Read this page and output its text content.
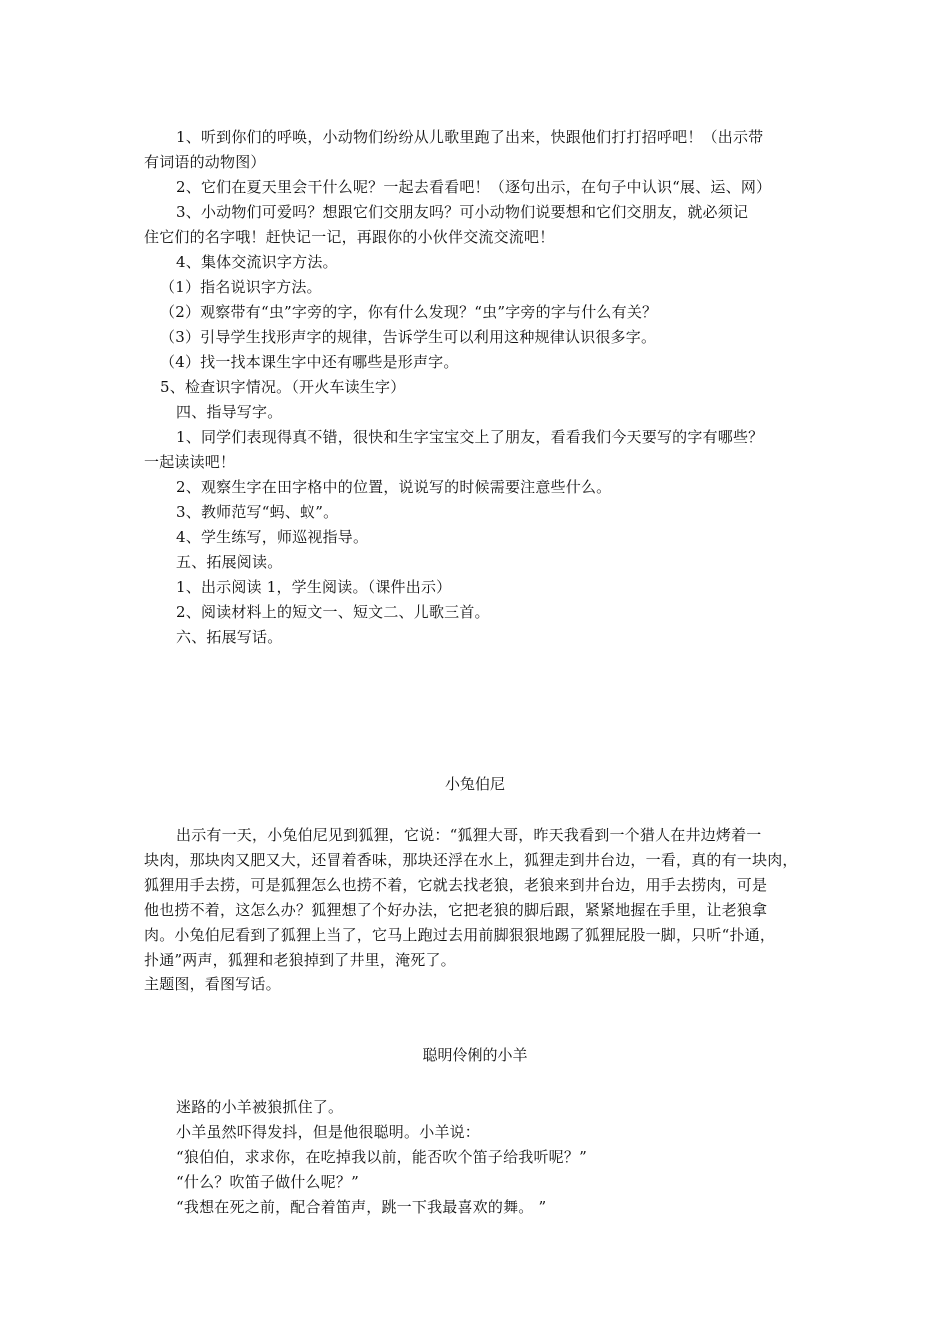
1、听到你们的呼唤，小动物们纷纷从儿歌里跑了出来，快跟他们打打招呼吧！（出示带
有词语的动物图）
2、它们在夏天里会干什么呢？一起去看看吧！（逐句出示，在句子中认识“展、运、网）
3、小动物们可爱吗？想跟它们交朋友吗？可小动物们说要想和它们交朋友，就必须记
住它们的名字哦！赶快记一记，再跟你的小伙伴交流交流吧！
4、集体交流识字方法。
（1）指名说识字方法。
（2）观察带有“虫”字旁的字，你有什么发现？“虫”字旁的字与什么有关？
（3）引导学生找形声字的规律，告诉学生可以利用这种规律认识很多字。
（4）找一找本课生字中还有哪些是形声字。
5、检查识字情况。（开火车读生字）
四、指导写字。
1、同学们表现得真不错，很快和生字宝宝交上了朋友，看看我们今天要写的字有哪些？
一起读读吧！
2、观察生字在田字格中的位置，说说写的时候需要注意些什么。
3、教师范写“蚂、蚁”。
4、学生练写，师巡视指导。
五、拓展阅读。
1、出示阅读 1，学生阅读。（课件出示）
2、阅读材料上的短文一、短文二、儿歌三首。
六、拓展写话。
小兔伯尼
出示有一天，小兔伯尼见到狐狸，它说：“狐狸大哥，昨天我看到一个猎人在井边烤着一
块肉，那块肉又肥又大，还冒着香味，那块还浮在水上，狐狸走到井台边，一看，真的有一块肉，
狐狸用手去捞，可是狐狸怎么也捞不着，它就去找老狼，老狼来到井台边，用手去捞肉，可是
他也捞不着，这怎么办？狐狸想了个好办法，它把老狼的脚后跟，紧紧地握在手里，让老狼拿
肉。小兔伯尼看到了狐狸上当了，它马上跑过去用前脚狠狠地踢了狐狸屁股一脚，只听“扑通，
扑通”两声，狐狸和老狼掉到了井里，淹死了。
主题图，看图写话。
聪明伶俐的小羊
迷路的小羊被狼抓住了。
小羊虽然吓得发抖，但是他很聪明。小羊说：
“狼伯伯，求求你，在吃掉我以前，能否吹个笛子给我听呢？”
“什么？吹笛子做什么呢？”
“我想在死之前，配合着笛声，跳一下我最喜欢的舞。 ”
